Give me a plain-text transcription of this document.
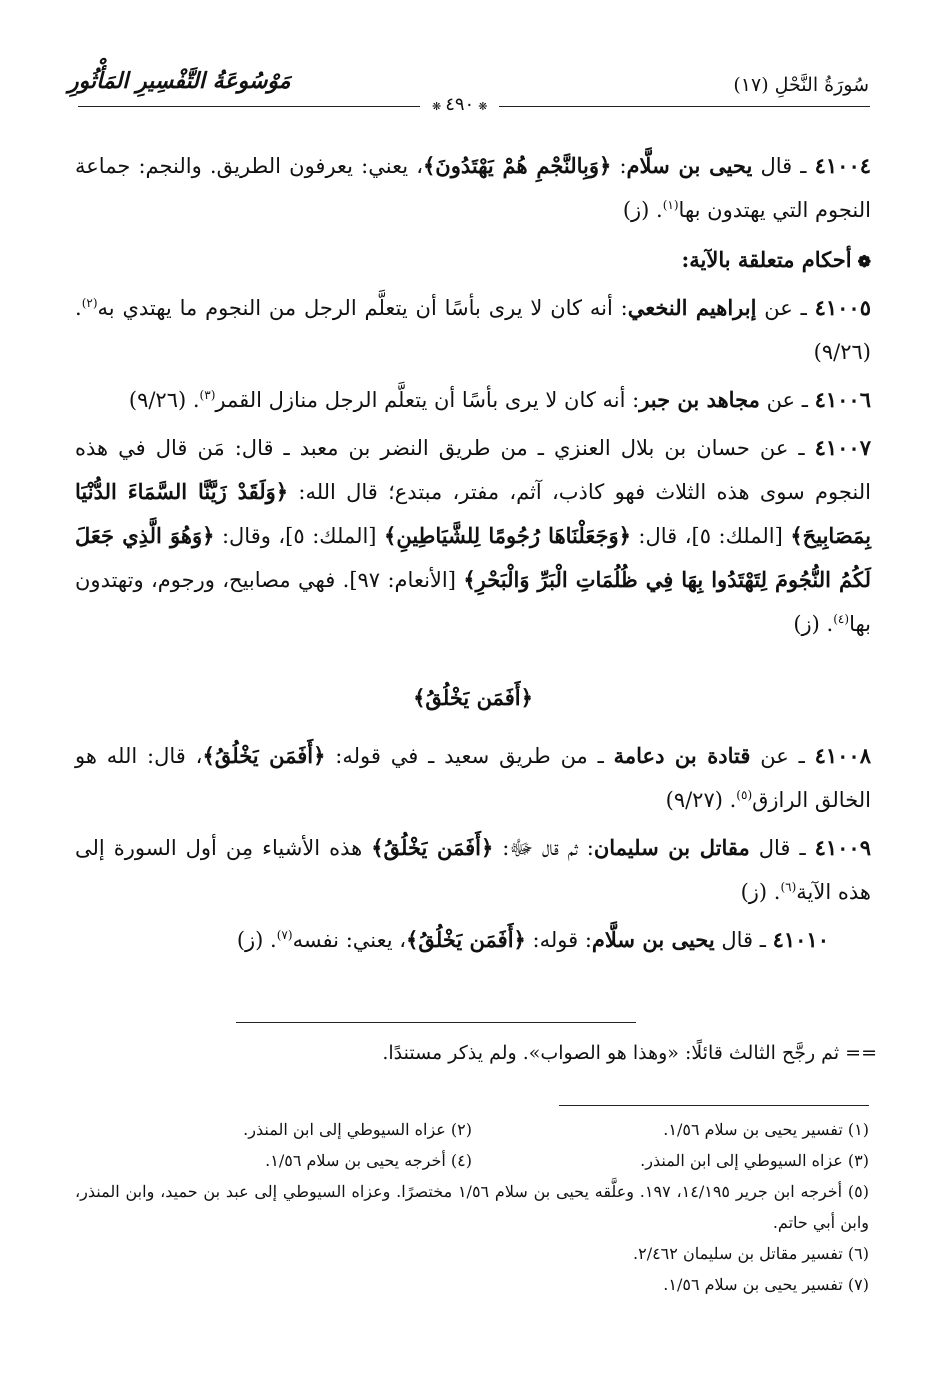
سُورَةُ النَّحْلِ (١٧)
مَوْسُوعَةُ التَّفْسِيرِ المَأْثُورِ
❋ ٤٩٠ ❋
٤١٠٠٤ ـ قال يحيى بن سلَّام: ﴿وَبِالنَّجْمِ هُمْ يَهْتَدُونَ﴾، يعني: يعرفون الطريق. والنجم: جماعة النجوم التي يهتدون بها$^{(١)}$. (ز)
❁أحكام متعلقة بالآية:
٤١٠٠٥ ـ عن إبراهيم النخعي: أنه كان لا يرى بأسًا أن يتعلَّم الرجل من النجوم ما يهتدي به$^{(٢)}$. (٩/٢٦)
٤١٠٠٦ ـ عن مجاهد بن جبر: أنه كان لا يرى بأسًا أن يتعلَّم الرجل منازل القمر$^{(٣)}$. (٩/٢٦)
٤١٠٠٧ ـ عن حسان بن بلال العنزي ـ من طريق النضر بن معبد ـ قال: مَن قال في هذه النجوم سوى هذه الثلاث فهو كاذب، آثم، مفتر، مبتدع؛ قال الله: ﴿وَلَقَدْ زَيَّنَّا السَّمَاءَ الدُّنْيَا بِمَصَابِيحَ﴾ [الملك: ٥]، قال: ﴿وَجَعَلْنَاهَا رُجُومًا لِلشَّيَاطِينِ﴾ [الملك: ٥]، وقال: ﴿وَهُوَ الَّذِي جَعَلَ لَكُمُ النُّجُومَ لِتَهْتَدُوا بِهَا فِي ظُلُمَاتِ الْبَرِّ وَالْبَحْرِ﴾ [الأنعام: ٩٧]. فهي مصابيح، ورجوم، وتهتدون بها$^{(٤)}$. (ز)
﴿أَفَمَن يَخْلُقُ﴾
٤١٠٠٨ ـ عن قتادة بن دعامة ـ من طريق سعيد ـ في قوله: ﴿أَفَمَن يَخْلُقُ﴾، قال: الله هو الخالق الرازق$^{(٥)}$. (٩/٢٧)
٤١٠٠٩ ـ قال مقاتل بن سليمان: ثم قال ﷻ: ﴿أَفَمَن يَخْلُقُ﴾ هذه الأشياء مِن أول السورة إلى هذه الآية$^{(٦)}$. (ز)
٤١٠١٠ ـ قال يحيى بن سلَّام: قوله: ﴿أَفَمَن يَخْلُقُ﴾، يعني: نفسه$^{(٧)}$. (ز)
== ثم رجَّح الثالث قائلًا: «وهذا هو الصواب». ولم يذكر مستندًا.
(١) تفسير يحيى بن سلام ١/٥٦.
(٢) عزاه السيوطي إلى ابن المنذر.
(٣) عزاه السيوطي إلى ابن المنذر.
(٤) أخرجه يحيى بن سلام ١/٥٦.
(٥) أخرجه ابن جرير ١٤/١٩٥، ١٩٧. وعلَّقه يحيى بن سلام ١/٥٦ مختصرًا. وعزاه السيوطي إلى عبد بن حميد، وابن المنذر، وابن أبي حاتم.
(٦) تفسير مقاتل بن سليمان ٢/٤٦٢.
(٧) تفسير يحيى بن سلام ١/٥٦.
